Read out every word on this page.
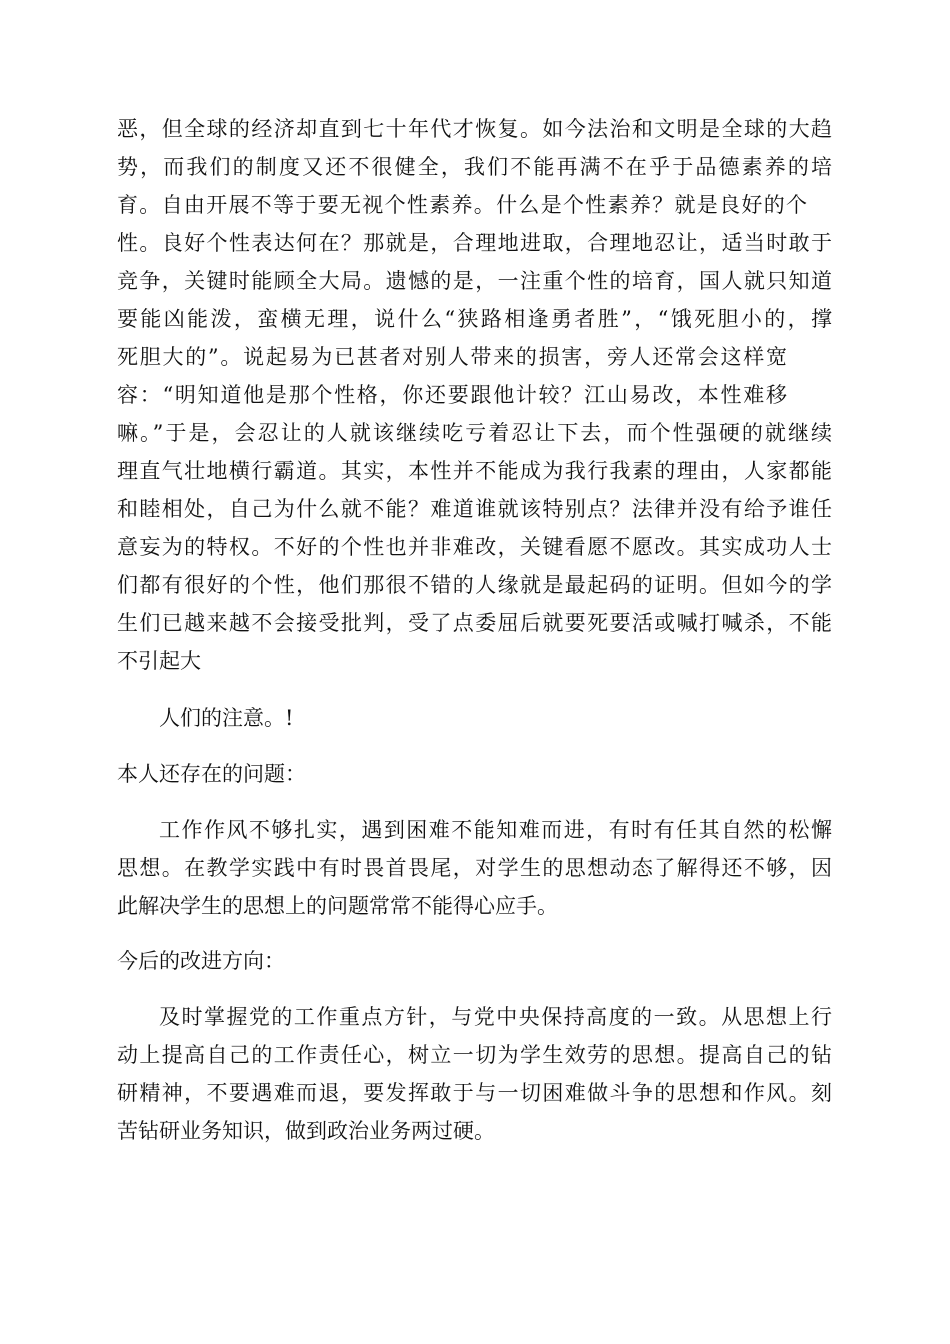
恶，但全球的经济却直到七十年代才恢复。如今法治和文明是全球的大趋
势，而我们的制度又还不很健全，我们不能再满不在乎于品德素养的培
育。自由开展不等于要无视个性素养。什么是个性素养？就是良好的个
性。良好个性表达何在？那就是，合理地进取，合理地忍让，适当时敢于
竞争，关键时能顾全大局。遗憾的是，一注重个性的培育，国人就只知道
要能凶能泼，蛮横无理，说什么“狭路相逢勇者胜”，“饿死胆小的，撑
死胆大的”。说起易为已甚者对别人带来的损害，旁人还常会这样宽
容：“明知道他是那个性格，你还要跟他计较？江山易改，本性难移
嘛。”于是，会忍让的人就该继续吃亏着忍让下去，而个性强硬的就继续
理直气壮地横行霸道。其实，本性并不能成为我行我素的理由，人家都能
和睦相处，自己为什么就不能？难道谁就该特别点？法律并没有给予谁任
意妄为的特权。不好的个性也并非难改，关键看愿不愿改。其实成功人士
们都有很好的个性，他们那很不错的人缘就是最起码的证明。但如今的学
生们已越来越不会接受批判，受了点委屈后就要死要活或喊打喊杀，不能
不引起大
人们的注意。!
本人还存在的问题：
工作作风不够扎实，遇到困难不能知难而进，有时有任其自然的松懈
思想。在教学实践中有时畏首畏尾，对学生的思想动态了解得还不够，因
此解决学生的思想上的问题常常不能得心应手。
今后的改进方向：
及时掌握党的工作重点方针，与党中央保持高度的一致。从思想上行
动上提高自己的工作责任心，树立一切为学生效劳的思想。提高自己的钻
研精神，不要遇难而退，要发挥敢于与一切困难做斗争的思想和作风。刻
苦钻研业务知识，做到政治业务两过硬。
